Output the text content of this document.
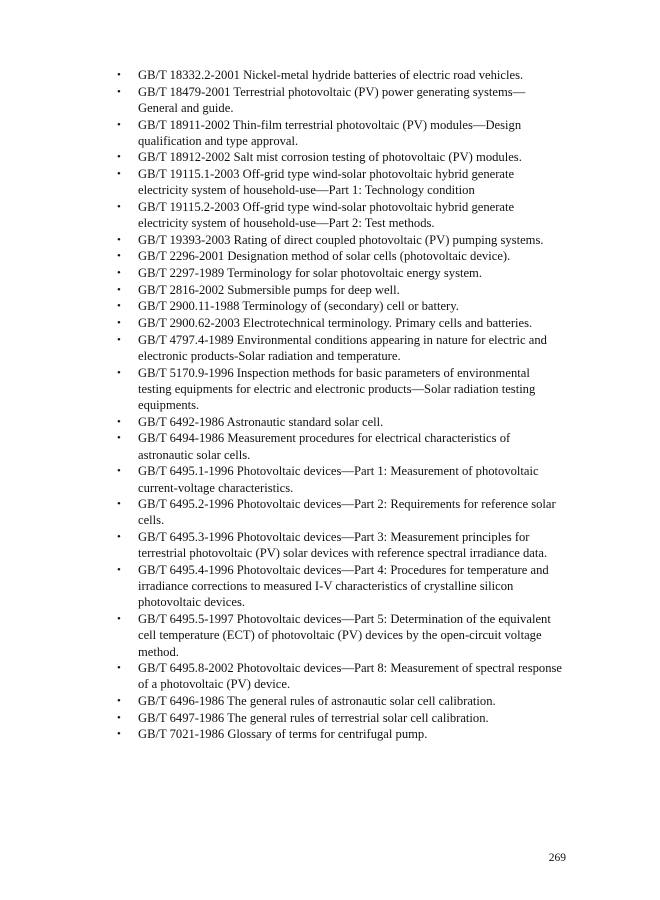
• GB/T 18332.2-2001 Nickel-metal hydride batteries of electric road vehicles.
• GB/T 18479-2001 Terrestrial photovoltaic (PV) power generating systems—General and guide.
• GB/T 18911-2002 Thin-film terrestrial photovoltaic (PV) modules—Design qualification and type approval.
• GB/T 18912-2002 Salt mist corrosion testing of photovoltaic (PV) modules.
• GB/T 19115.1-2003 Off-grid type wind-solar photovoltaic hybrid generate electricity system of household-use—Part 1: Technology condition
• GB/T 19115.2-2003 Off-grid type wind-solar photovoltaic hybrid generate electricity system of household-use—Part 2: Test methods.
• GB/T 19393-2003 Rating of direct coupled photovoltaic (PV) pumping systems.
• GB/T 2296-2001 Designation method of solar cells (photovoltaic device).
• GB/T 2297-1989 Terminology for solar photovoltaic energy system.
• GB/T 2816-2002 Submersible pumps for deep well.
• GB/T 2900.11-1988 Terminology of (secondary) cell or battery.
• GB/T 2900.62-2003 Electrotechnical terminology. Primary cells and batteries.
• GB/T 4797.4-1989 Environmental conditions appearing in nature for electric and electronic products-Solar radiation and temperature.
• GB/T 5170.9-1996 Inspection methods for basic parameters of environmental testing equipments for electric and electronic products—Solar radiation testing equipments.
• GB/T 6492-1986 Astronautic standard solar cell.
• GB/T 6494-1986 Measurement procedures for electrical characteristics of astronautic solar cells.
• GB/T 6495.1-1996 Photovoltaic devices—Part 1: Measurement of photovoltaic current-voltage characteristics.
• GB/T 6495.2-1996 Photovoltaic devices—Part 2: Requirements for reference solar cells.
• GB/T 6495.3-1996 Photovoltaic devices—Part 3: Measurement principles for terrestrial photovoltaic (PV) solar devices with reference spectral irradiance data.
• GB/T 6495.4-1996 Photovoltaic devices—Part 4: Procedures for temperature and irradiance corrections to measured I-V characteristics of crystalline silicon photovoltaic devices.
• GB/T 6495.5-1997 Photovoltaic devices—Part 5: Determination of the equivalent cell temperature (ECT) of photovoltaic (PV) devices by the open-circuit voltage method.
• GB/T 6495.8-2002 Photovoltaic devices—Part 8: Measurement of spectral response of a photovoltaic (PV) device.
• GB/T 6496-1986 The general rules of astronautic solar cell calibration.
• GB/T 6497-1986 The general rules of terrestrial solar cell calibration.
• GB/T 7021-1986 Glossary of terms for centrifugal pump.
269
